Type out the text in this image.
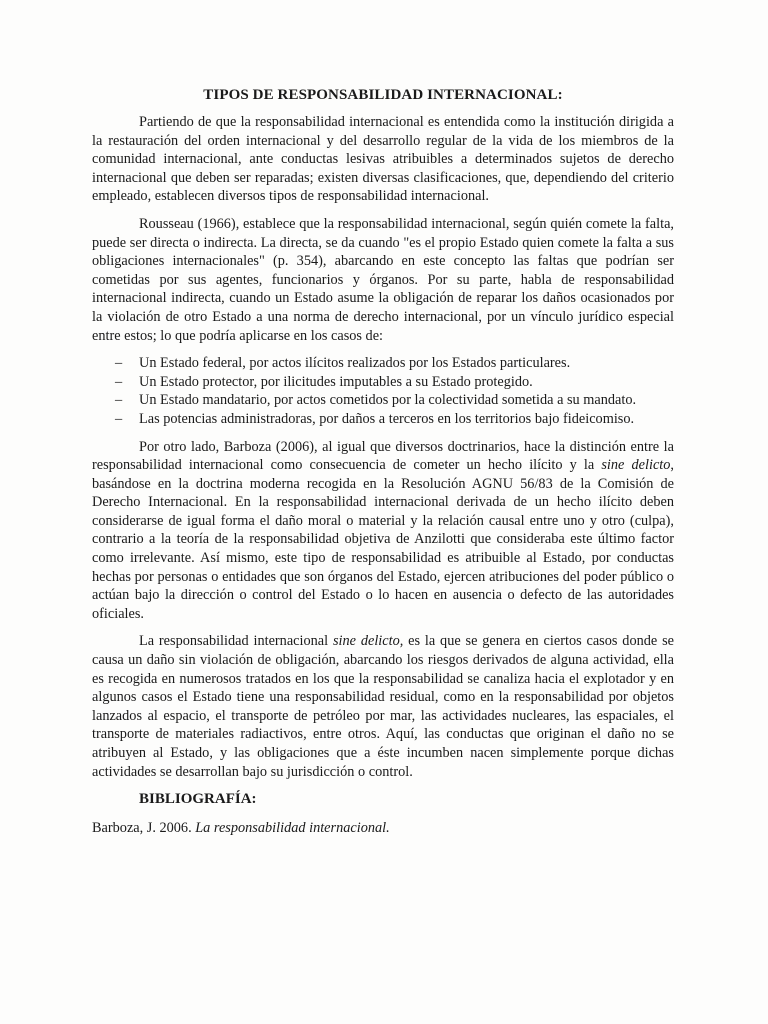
TIPOS DE RESPONSABILIDAD INTERNACIONAL:

Partiendo de que la responsabilidad internacional es entendida como la institución dirigida a la restauración del orden internacional y del desarrollo regular de la vida de los miembros de la comunidad internacional, ante conductas lesivas atribuibles a determinados sujetos de derecho internacional que deben ser reparadas; existen diversas clasificaciones, que, dependiendo del criterio empleado, establecen diversos tipos de responsabilidad internacional.

Rousseau (1966), establece que la responsabilidad internacional, según quién comete la falta, puede ser directa o indirecta. La directa, se da cuando "es el propio Estado quien comete la falta a sus obligaciones internacionales" (p. 354), abarcando en este concepto las faltas que podrían ser cometidas por sus agentes, funcionarios y órganos. Por su parte, habla de responsabilidad internacional indirecta, cuando un Estado asume la obligación de reparar los daños ocasionados por la violación de otro Estado a una norma de derecho internacional, por un vínculo jurídico especial entre estos; lo que podría aplicarse en los casos de:

– Un Estado federal, por actos ilícitos realizados por los Estados particulares.
– Un Estado protector, por ilicitudes imputables a su Estado protegido.
– Un Estado mandatario, por actos cometidos por la colectividad sometida a su mandato.
– Las potencias administradoras, por daños a terceros en los territorios bajo fideicomiso.

Por otro lado, Barboza (2006), al igual que diversos doctrinarios, hace la distinción entre la responsabilidad internacional como consecuencia de cometer un hecho ilícito y la sine delicto, basándose en la doctrina moderna recogida en la Resolución AGNU 56/83 de la Comisión de Derecho Internacional. En la responsabilidad internacional derivada de un hecho ilícito deben considerarse de igual forma el daño moral o material y la relación causal entre uno y otro (culpa), contrario a la teoría de la responsabilidad objetiva de Anzilotti que consideraba este último factor como irrelevante. Así mismo, este tipo de responsabilidad es atribuible al Estado, por conductas hechas por personas o entidades que son órganos del Estado, ejercen atribuciones del poder público o actúan bajo la dirección o control del Estado o lo hacen en ausencia o defecto de las autoridades oficiales.

La responsabilidad internacional sine delicto, es la que se genera en ciertos casos donde se causa un daño sin violación de obligación, abarcando los riesgos derivados de alguna actividad, ella es recogida en numerosos tratados en los que la responsabilidad se canaliza hacia el explotador y en algunos casos el Estado tiene una responsabilidad residual, como en la responsabilidad por objetos lanzados al espacio, el transporte de petróleo por mar, las actividades nucleares, las espaciales, el transporte de materiales radiactivos, entre otros. Aquí, las conductas que originan el daño no se atribuyen al Estado, y las obligaciones que a éste incumben nacen simplemente porque dichas actividades se desarrollan bajo su jurisdicción o control.

BIBLIOGRAFÍA:

Barboza, J. 2006. La responsabilidad internacional.
